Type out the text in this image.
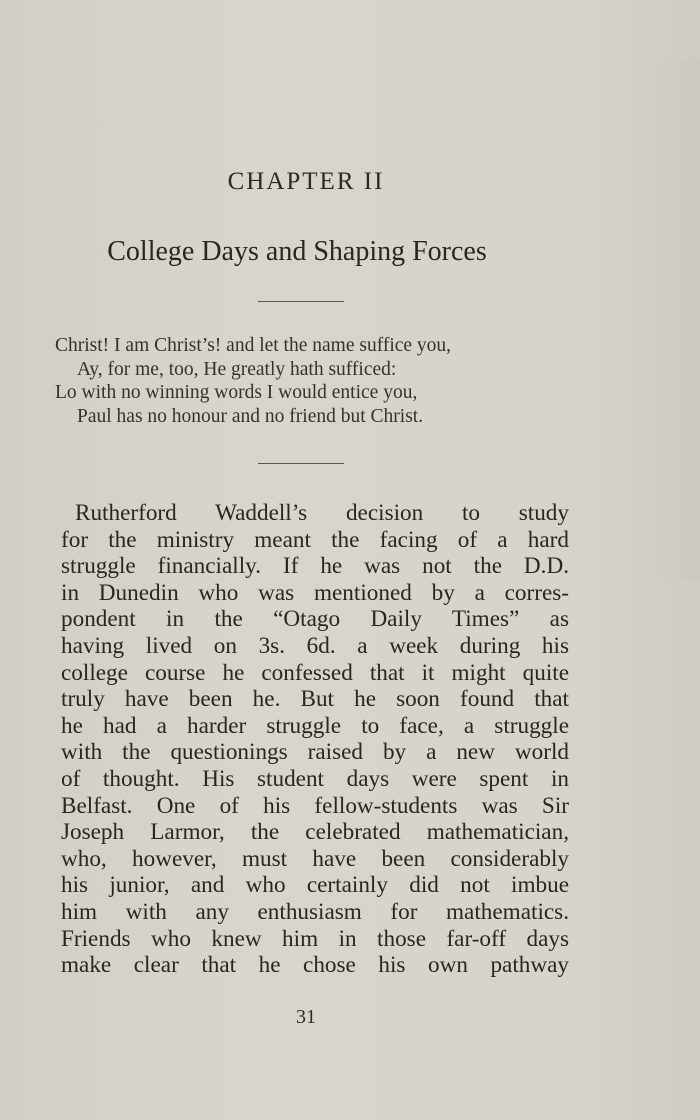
CHAPTER II
College Days and Shaping Forces
Christ! I am Christ’s! and let the name suffice you,
Ay, for me, too, He greatly hath sufficed:
Lo with no winning words I would entice you,
Paul has no honour and no friend but Christ.
Rutherford Waddell’s decision to study
for the ministry meant the facing of a hard
struggle financially. If he was not the D.D.
in Dunedin who was mentioned by a corres-
pondent in the “Otago Daily Times” as
having lived on 3s. 6d. a week during his
college course he confessed that it might quite
truly have been he. But he soon found that
he had a harder struggle to face, a struggle
with the questionings raised by a new world
of thought. His student days were spent in
Belfast. One of his fellow-students was Sir
Joseph Larmor, the celebrated mathematician,
who, however, must have been considerably
his junior, and who certainly did not imbue
him with any enthusiasm for mathematics.
Friends who knew him in those far-off days
make clear that he chose his own pathway
31
